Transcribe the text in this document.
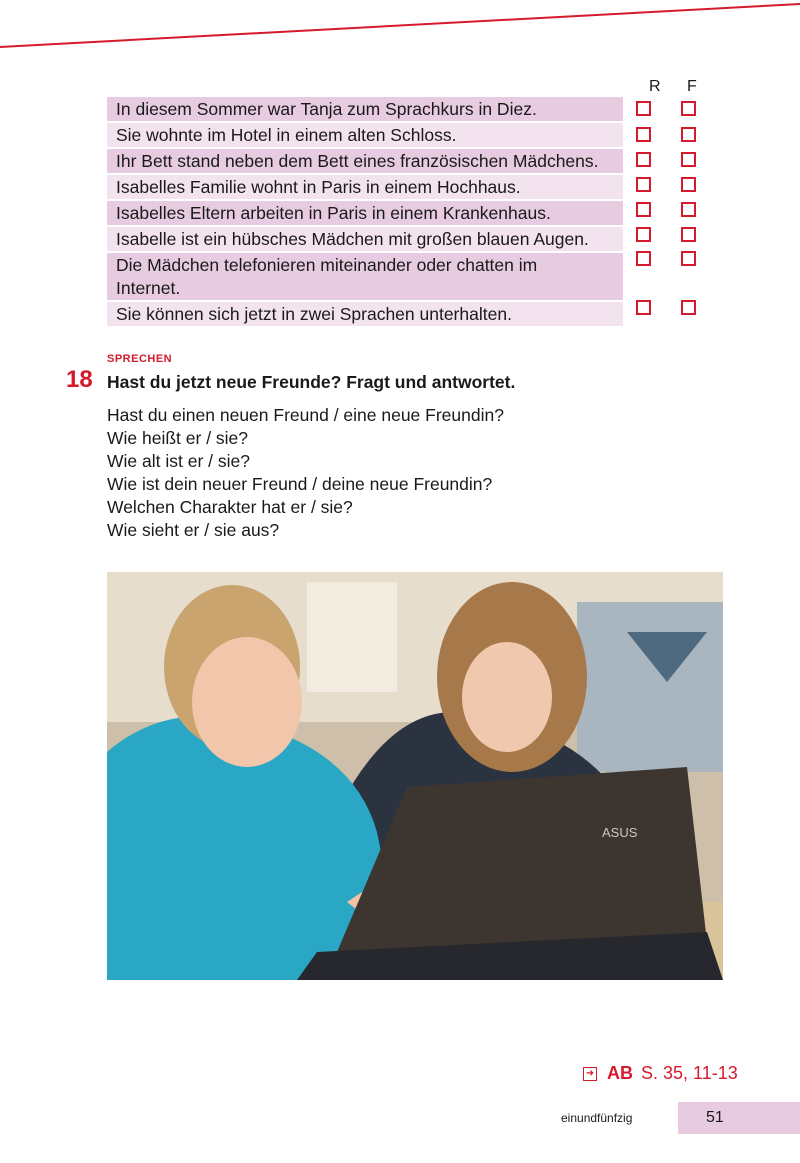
R F
In diesem Sommer war Tanja zum Sprachkurs in Diez.
Sie wohnte im Hotel in einem alten Schloss.
Ihr Bett stand neben dem Bett eines französischen Mädchens.
Isabelles Familie wohnt in Paris in einem Hochhaus.
Isabelles Eltern arbeiten in Paris in einem Krankenhaus.
Isabelle ist ein hübsches Mädchen mit großen blauen Augen.
Die Mädchen telefonieren miteinander oder chatten im Internet.
Sie können sich jetzt in zwei Sprachen unterhalten.
SPRECHEN
18 Hast du jetzt neue Freunde? Fragt und antwortet.
Hast du einen neuen Freund / eine neue Freundin?
Wie heißt er / sie?
Wie alt ist er / sie?
Wie ist dein neuer Freund / deine neue Freundin?
Welchen Charakter hat er / sie?
Wie sieht er / sie aus?
ASUS
➜ AB S. 35, 11-13
einundfünfzig	51
